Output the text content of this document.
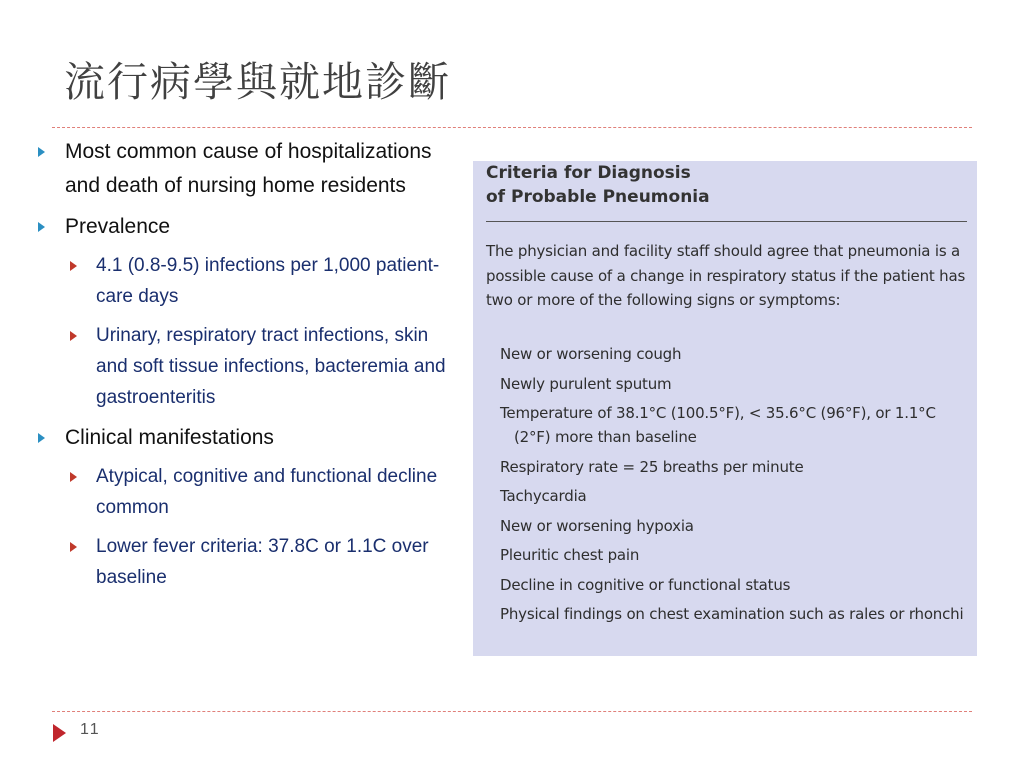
流行病學與就地診斷
Most common cause of hospitalizations and death of nursing home residents
Prevalence
4.1 (0.8-9.5) infections per 1,000 patient-care days
Urinary, respiratory tract infections, skin and soft tissue infections, bacteremia and gastroenteritis
Clinical manifestations
Atypical, cognitive and functional decline common
Lower fever criteria: 37.8C or 1.1C over baseline
Criteria for Diagnosis
of Probable Pneumonia
The physician and facility staff should agree that pneumonia is a possible cause of a change in respiratory status if the patient has two or more of the following signs or symptoms:
New or worsening cough
Newly purulent sputum
Temperature of 38.1°C (100.5°F), < 35.6°C (96°F), or 1.1°C (2°F) more than baseline
Respiratory rate = 25 breaths per minute
Tachycardia
New or worsening hypoxia
Pleuritic chest pain
Decline in cognitive or functional status
Physical findings on chest examination such as rales or rhonchi
11
